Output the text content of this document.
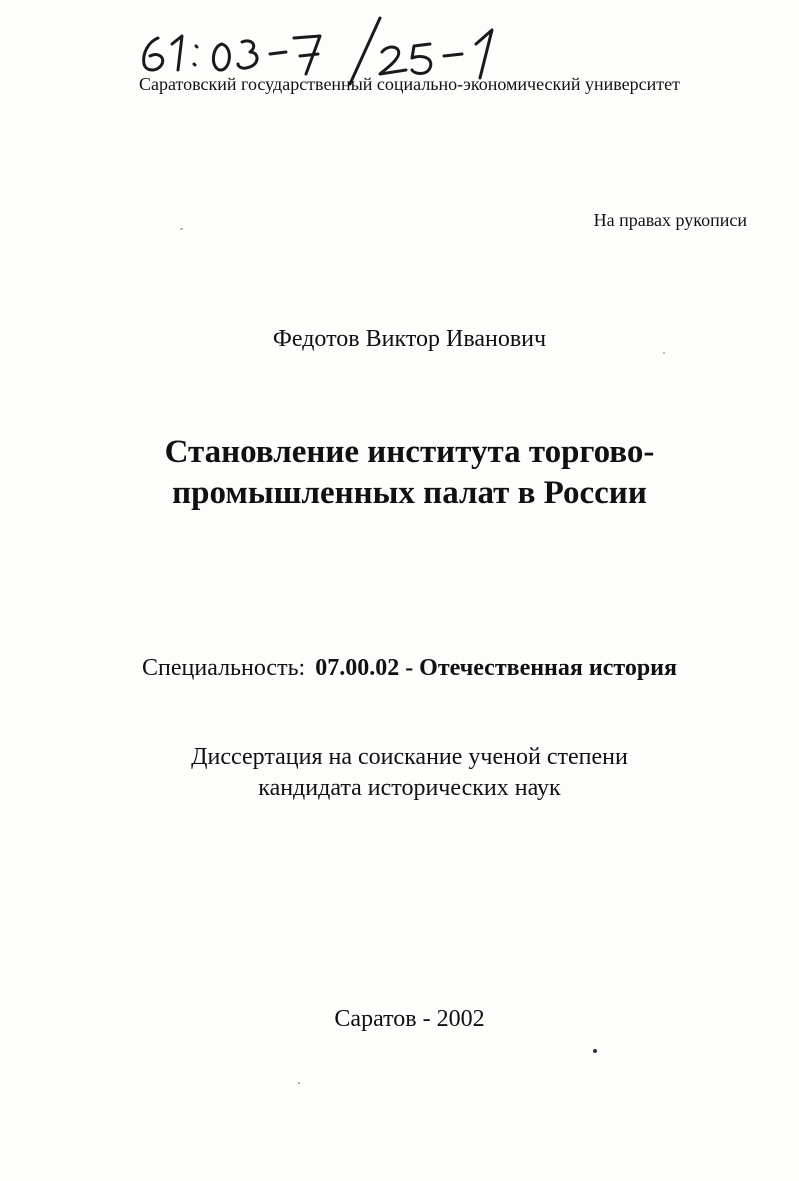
Саратовский государственный социально-экономический университет
На правах рукописи
Федотов Виктор Иванович
Становление института торгово-
промышленных палат в России
Специальность: 07.00.02 - Отечественная история
Диссертация на соискание ученой степени
кандидата исторических наук
Саратов - 2002
